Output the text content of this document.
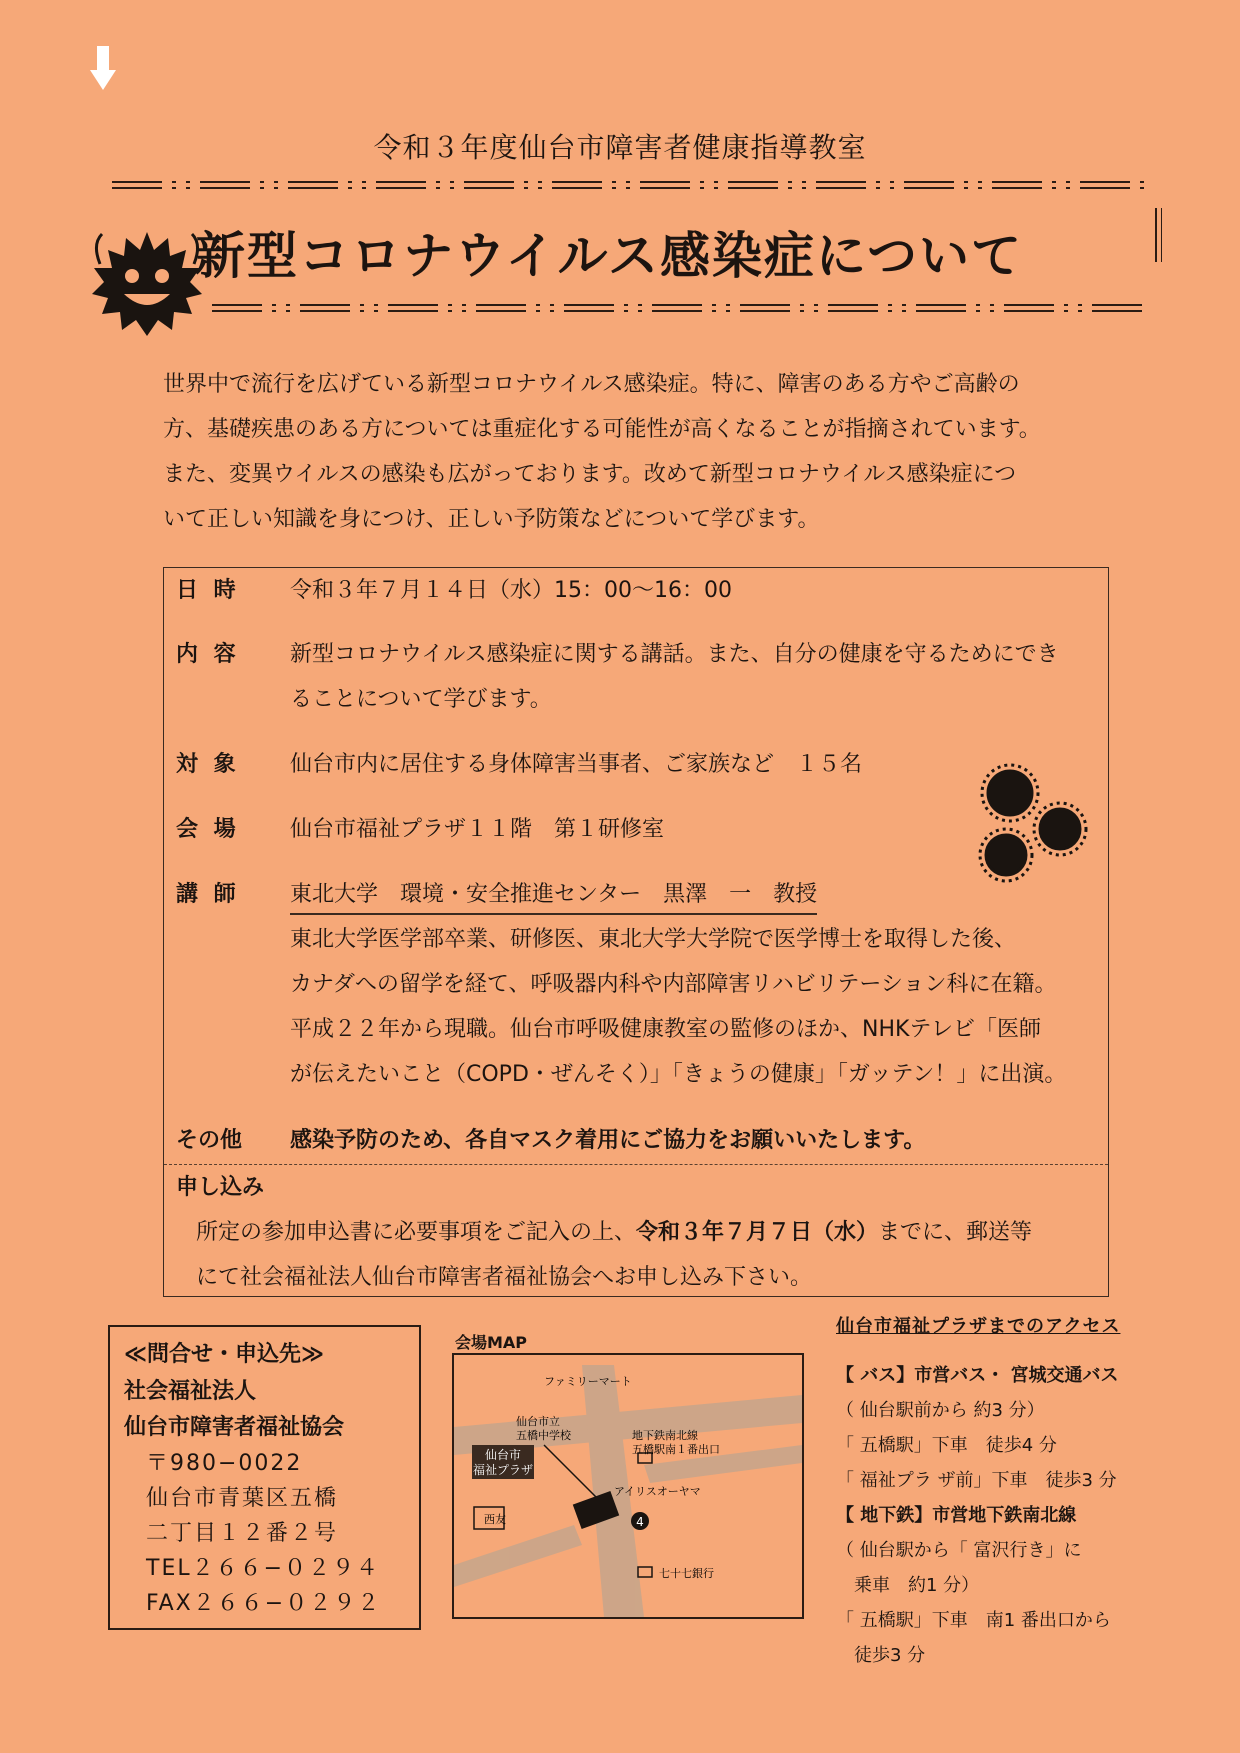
令和３年度仙台市障害者健康指導教室
新型コロナウイルス感染症について

世界中で流行を広げている新型コロナウイルス感染症。特に、障害のある方やご高齢の

方、基礎疾患のある方については重症化する可能性が高くなることが指摘されています。

また、変異ウイルスの感染も広がっております。改めて新型コロナウイルス感染症につ

いて正しい知識を身につけ、正しい予防策などについて学びます。

日 時	令和３年７月１４日（水）15：00〜16：00
内 容	新型コロナウイルス感染症に関する講話。また、自分の健康を守るためにでき

ることについて学びます。

対 象	仙台市内に居住する身体障害当事者、ご家族など　１５名
会 場	仙台市福祉プラザ１１階　第１研修室
講 師	東北大学　環境・安全推進センター　黒澤　一　教授

東北大学医学部卒業、研修医、東北大学大学院で医学博士を取得した後、

カナダへの留学を経て、呼吸器内科や内部障害リハビリテーション科に在籍。

平成２２年から現職。仙台市呼吸健康教室の監修のほか、NHKテレビ「医師

が伝えたいこと（COPD・ぜんそく）」「きょうの健康」「ガッテン！」に出演。

その他	感染予防のため、各自マスク着用にご協力をお願いいたします。
申し込み

所定の参加申込書に必要事項をご記入の上、令和３年７月７日（水）までに、郵送等

にて社会福祉法人仙台市障害者福祉協会へお申し込み下さい。

≪問合せ・申込先≫
社会福祉法人
仙台市障害者福祉協会
〒980−0022
仙台市青葉区五橋
二丁目１２番２号
TEL２６６−０２９４
FAX２６６−０２９２
会場MAP
仙台市
福祉プラザ
ファミリーマート
仙台市立
五橋中学校	地下鉄南北線
五橋駅南１番出口
アイリスオーヤマ
西友
七十七銀行
4
仙台市福祉プラザまでのアクセス
【 バス】市営バス・ 宮城交通バス
（ 仙台駅前から 約3 分）
「 五橋駅」下車　徒歩4 分
「 福祉プラ ザ前」下車　徒歩3 分
【 地下鉄】市営地下鉄南北線
（ 仙台駅から「 富沢行き」に
　乗車　約1 分）
「 五橋駅」下車　南1 番出口から
　徒歩3 分
